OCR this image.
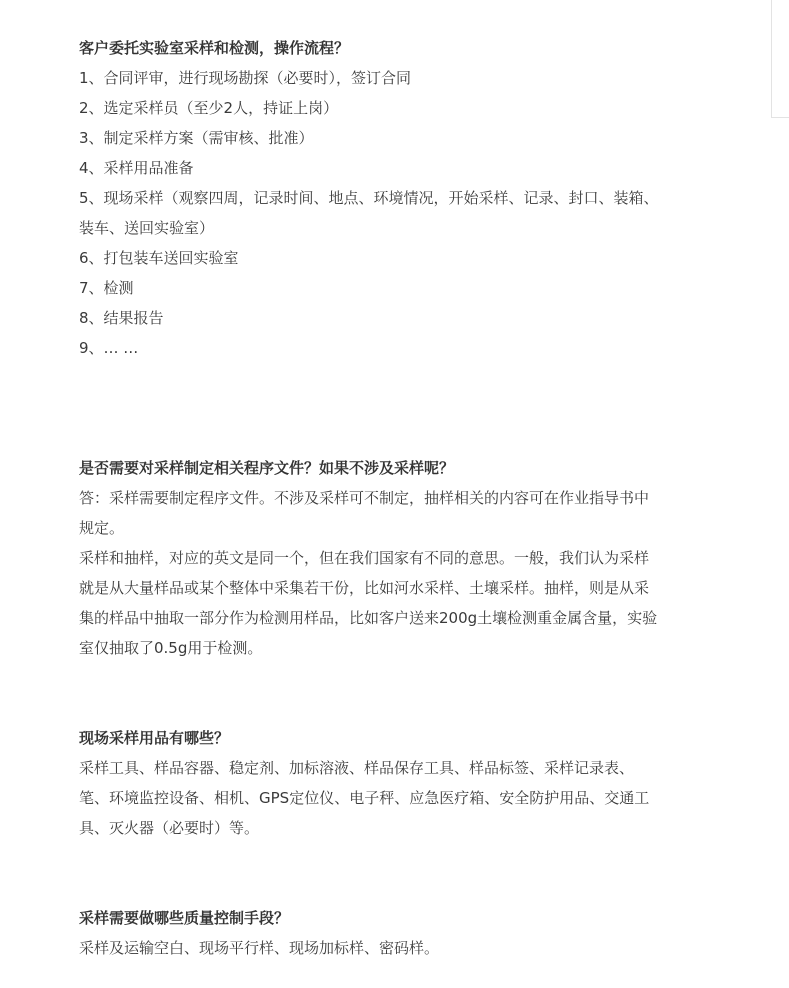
客户委托实验室采样和检测，操作流程？

1、合同评审，进行现场勘探（必要时），签订合同

2、选定采样员（至少2人，持证上岗）

3、制定采样方案（需审核、批准）

4、采样用品准备

5、现场采样（观察四周，记录时间、地点、环境情况，开始采样、记录、封口、装箱、

装车、送回实验室）

6、打包装车送回实验室

7、检测

8、结果报告

9、… …

是否需要对采样制定相关程序文件？如果不涉及采样呢？

答：采样需要制定程序文件。不涉及采样可不制定，抽样相关的内容可在作业指导书中

规定。

采样和抽样，对应的英文是同一个，但在我们国家有不同的意思。一般，我们认为采样

就是从大量样品或某个整体中采集若干份，比如河水采样、土壤采样。抽样，则是从采

集的样品中抽取一部分作为检测用样品，比如客户送来200g土壤检测重金属含量，实验

室仅抽取了0.5g用于检测。

现场采样用品有哪些？

采样工具、样品容器、稳定剂、加标溶液、样品保存工具、样品标签、采样记录表、

笔、环境监控设备、相机、GPS定位仪、电子秤、应急医疗箱、安全防护用品、交通工

具、灭火器（必要时）等。

采样需要做哪些质量控制手段？

采样及运输空白、现场平行样、现场加标样、密码样。
